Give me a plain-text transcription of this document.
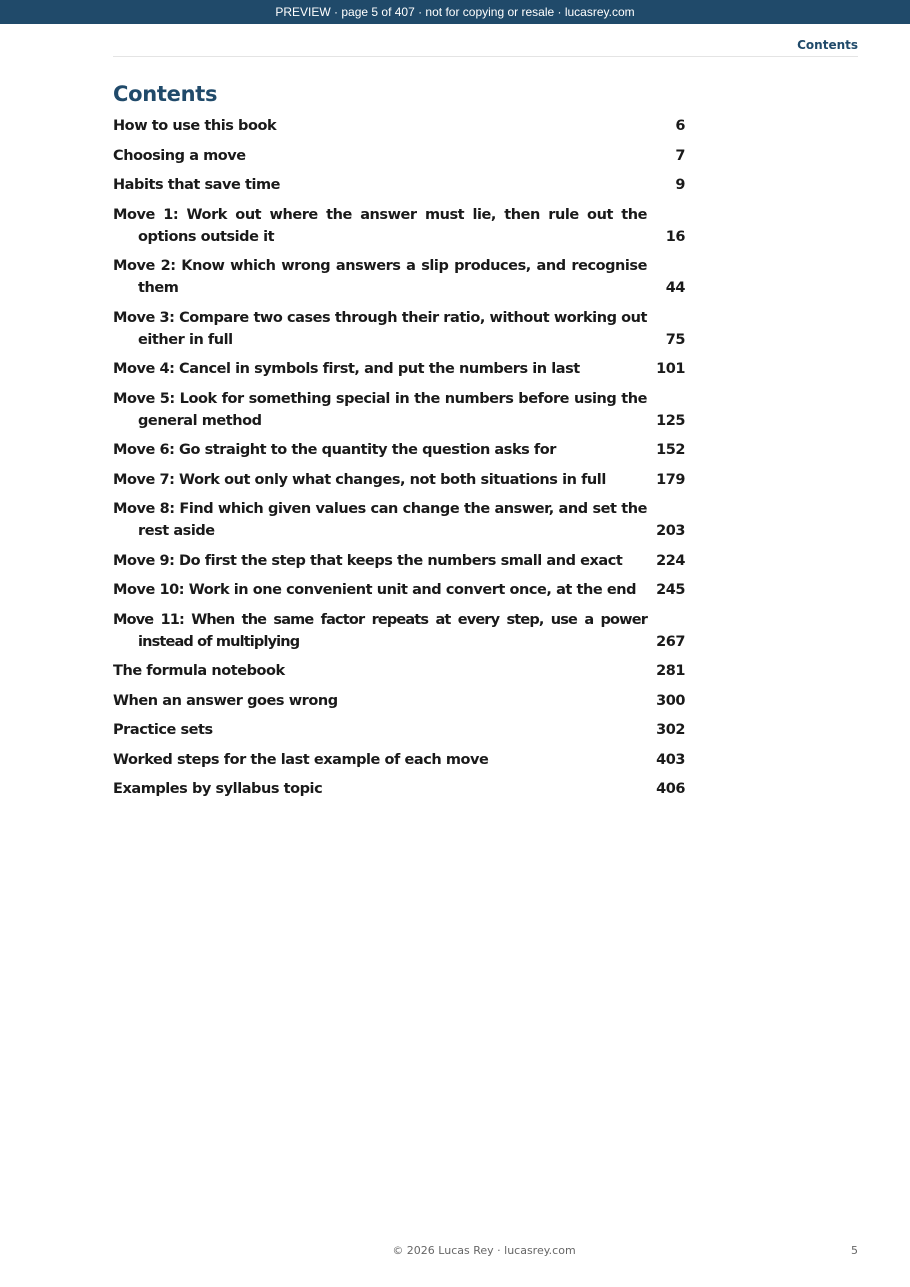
PREVIEW · page 5 of 407 · not for copying or resale · lucasrey.com
Contents
Contents
How to use this book	6
Choosing a move	7
Habits that save time	9
Move 1: Work out where the answer must lie, then rule out the options outside it	16
Move 2: Know which wrong answers a slip produces, and recognise them	44
Move 3: Compare two cases through their ratio, without working out either in full	75
Move 4: Cancel in symbols first, and put the numbers in last	101
Move 5: Look for something special in the numbers before using the general method	125
Move 6: Go straight to the quantity the question asks for	152
Move 7: Work out only what changes, not both situations in full	179
Move 8: Find which given values can change the answer, and set the rest aside	203
Move 9: Do first the step that keeps the numbers small and exact	224
Move 10: Work in one convenient unit and convert once, at the end	245
Move 11: When the same factor repeats at every step, use a power instead of multiplying	267
The formula notebook	281
When an answer goes wrong	300
Practice sets	302
Worked steps for the last example of each move	403
Examples by syllabus topic	406
© 2026 Lucas Rey · lucasrey.com	5
